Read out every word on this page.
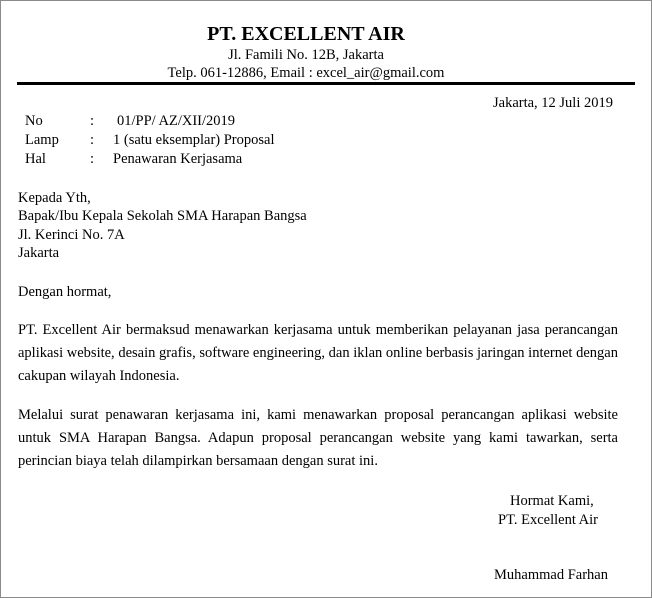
PT. EXCELLENT AIR
Jl. Famili No. 12B, Jakarta
Telp. 061-12886, Email : excel_air@gmail.com
Jakarta, 12 Juli 2019
No	: 01/PP/ AZ/XII/2019
Lamp : 1 (satu eksemplar) Proposal
Hal	: Penawaran Kerjasama
Kepada Yth,
Bapak/Ibu Kepala Sekolah SMA Harapan Bangsa
Jl. Kerinci No. 7A
Jakarta
Dengan hormat,
PT. Excellent Air bermaksud menawarkan kerjasama untuk memberikan pelayanan jasa perancangan aplikasi website, desain grafis, software engineering, dan iklan online berbasis jaringan internet dengan cakupan wilayah Indonesia.
Melalui surat penawaran kerjasama ini, kami menawarkan proposal perancangan aplikasi website untuk SMA Harapan Bangsa. Adapun proposal perancangan website yang kami tawarkan, serta perincian biaya telah dilampirkan bersamaan dengan surat ini.
Hormat Kami,
PT. Excellent Air
Muhammad Farhan
